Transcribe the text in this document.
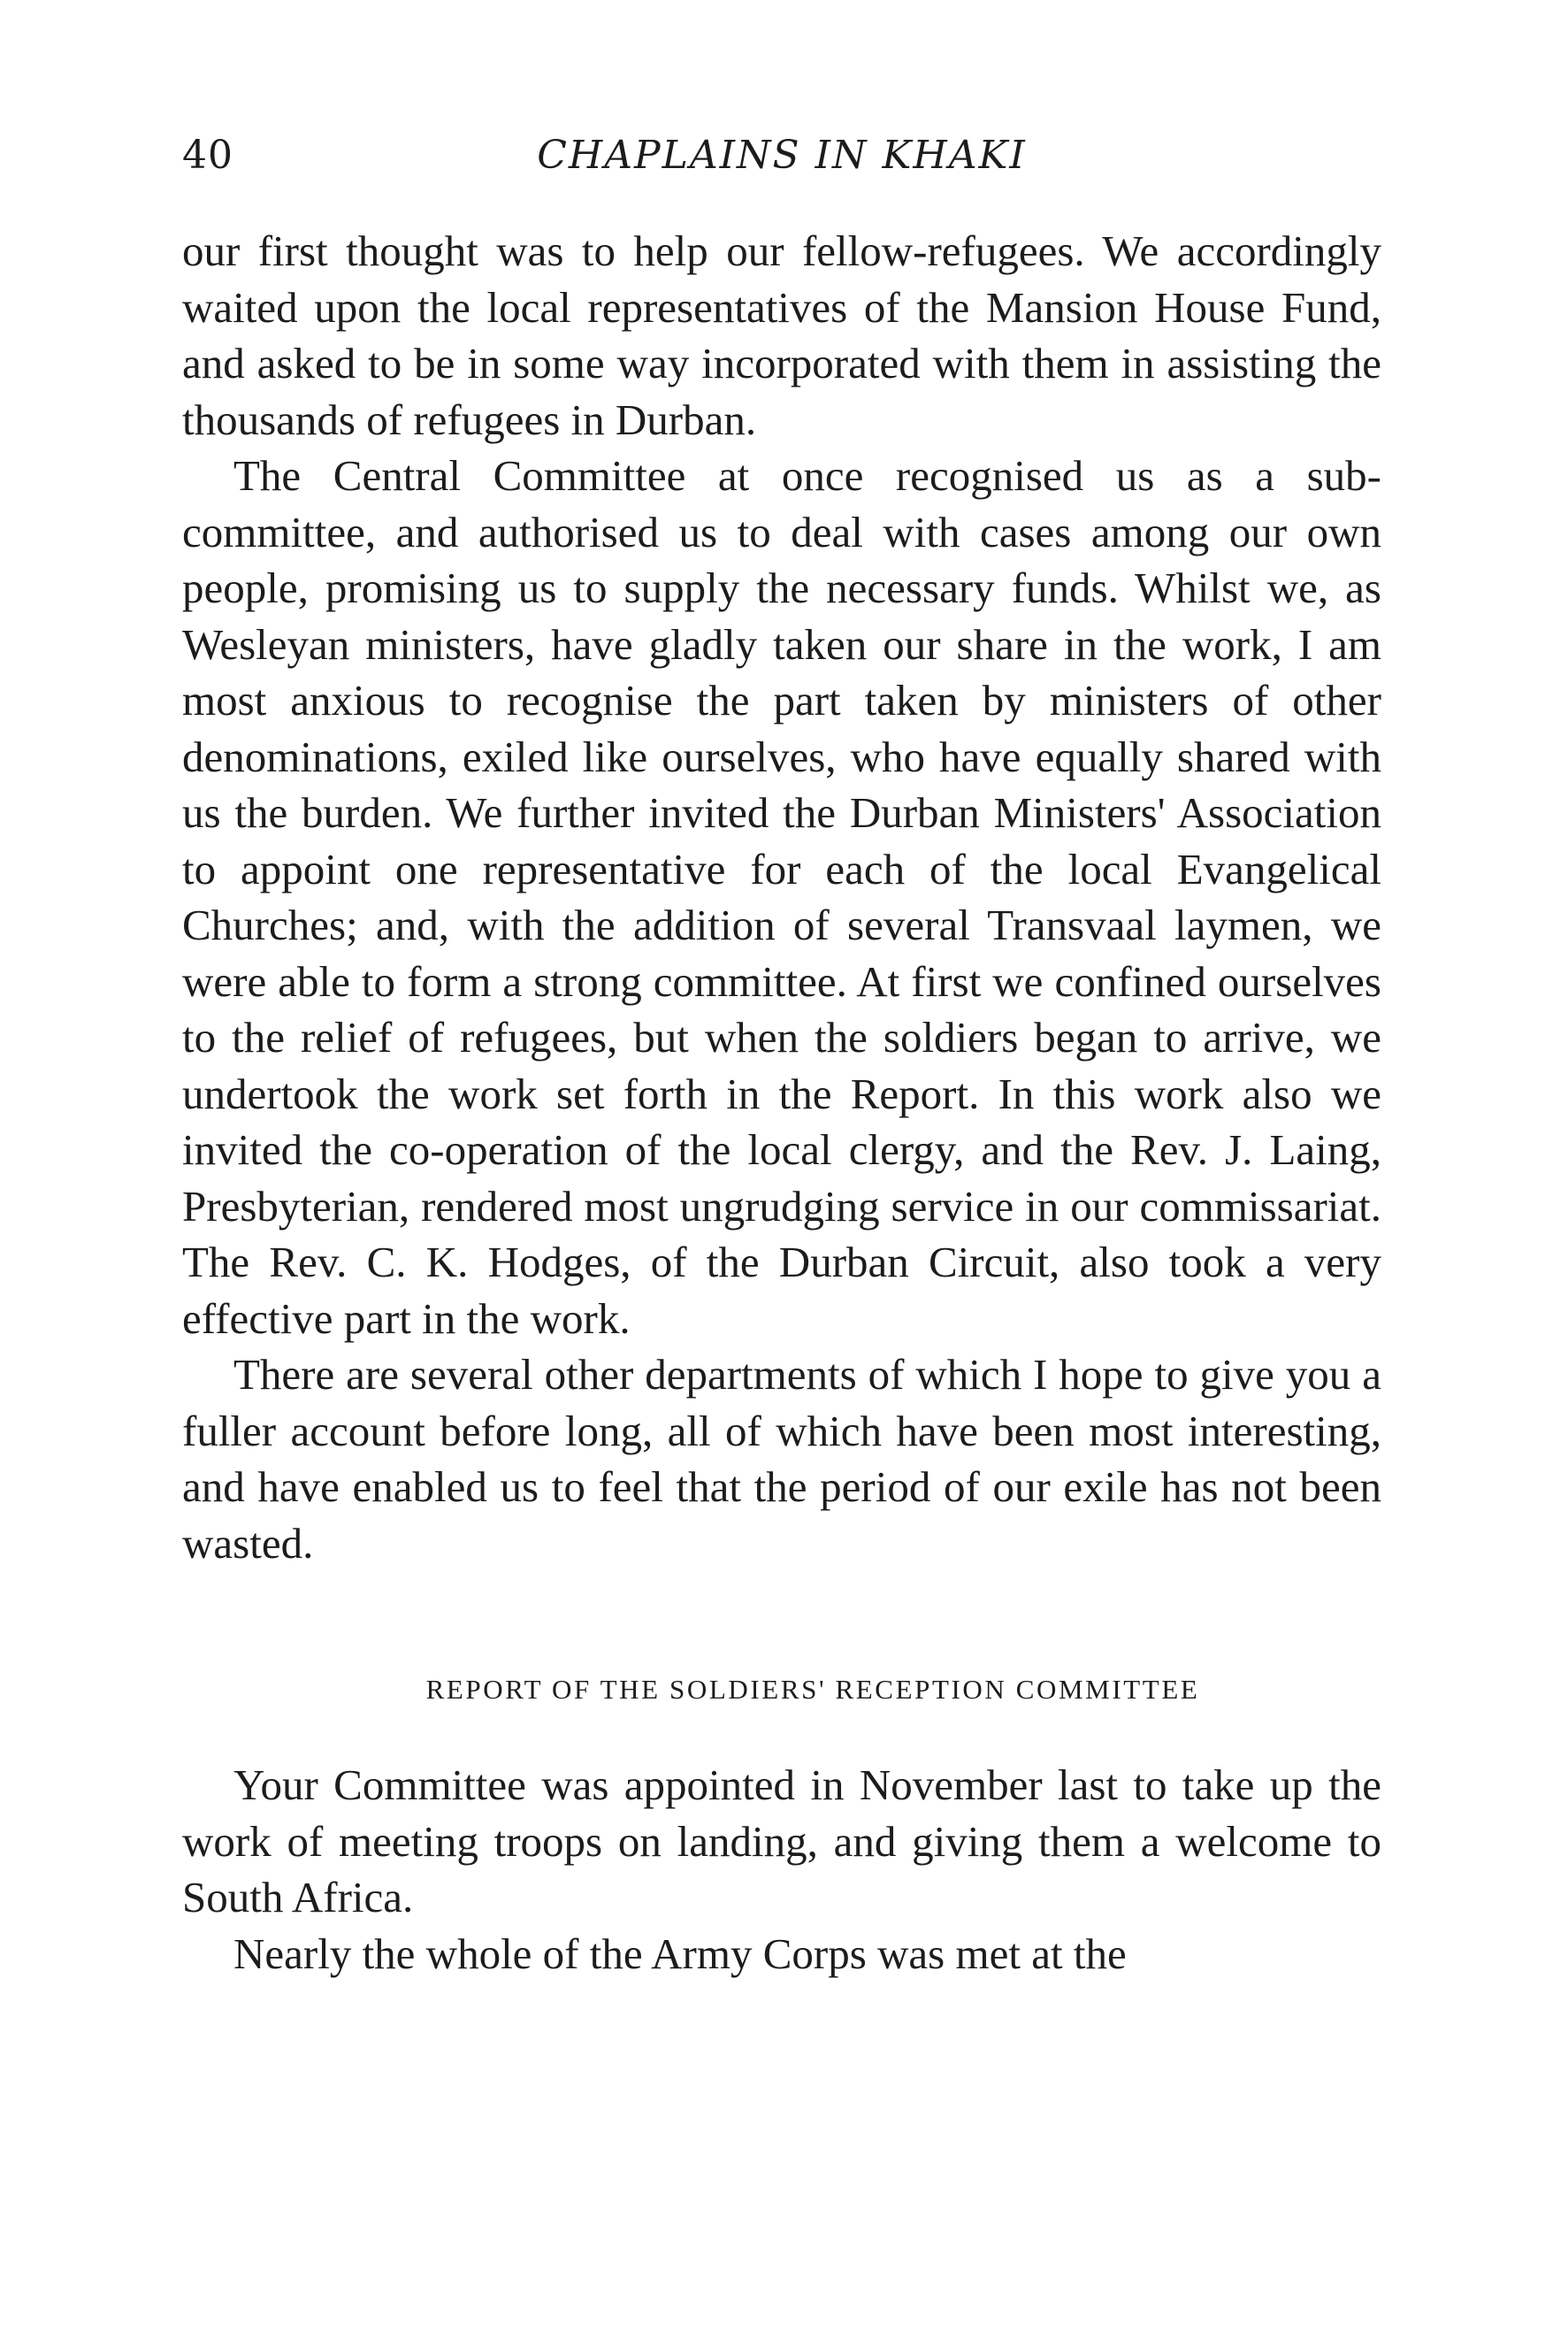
40	CHAPLAINS IN KHAKI

our first thought was to help our fellow-refugees. We accordingly waited upon the local representatives of the Mansion House Fund, and asked to be in some way incorporated with them in assisting the thousands of refugees in Durban.

The Central Committee at once recognised us as a sub-committee, and authorised us to deal with cases among our own people, promising us to supply the necessary funds. Whilst we, as Wesleyan ministers, have gladly taken our share in the work, I am most anxious to recognise the part taken by ministers of other denominations, exiled like ourselves, who have equally shared with us the burden. We further invited the Durban Ministers' Association to appoint one representative for each of the local Evangelical Churches; and, with the addition of several Transvaal laymen, we were able to form a strong committee. At first we confined ourselves to the relief of refugees, but when the soldiers began to arrive, we undertook the work set forth in the Report. In this work also we invited the co-operation of the local clergy, and the Rev. J. Laing, Presbyterian, rendered most ungrudging service in our commissariat. The Rev. C. K. Hodges, of the Durban Circuit, also took a very effective part in the work.

There are several other departments of which I hope to give you a fuller account before long, all of which have been most interesting, and have enabled us to feel that the period of our exile has not been wasted.

REPORT OF THE SOLDIERS' RECEPTION COMMITTEE

Your Committee was appointed in November last to take up the work of meeting troops on landing, and giving them a welcome to South Africa.

Nearly the whole of the Army Corps was met at the
